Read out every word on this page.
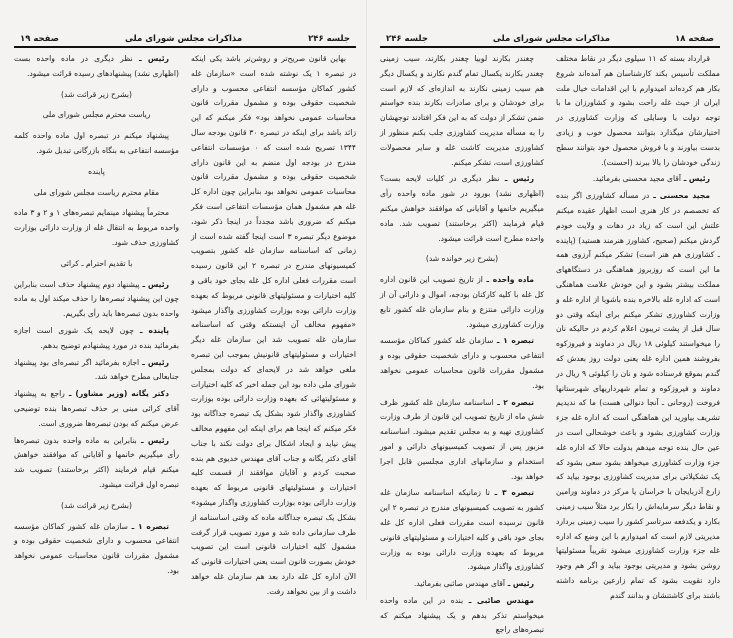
جلسه ۲۴۶
مذاکرات مجلس شورای ملی
صفحه ۱۹

بهاین قانون صریح‌تر و روشن‌تر باشد یکی اینکه در تبصره ۱ یک نوشته شده است «سازمان غله کشور کماکان مؤسسه انتفاعی محسوب و دارای شخصیت حقوقی بوده و مشمول مقررات قانون محاسبات عمومی نخواهد بود» فکر میکنم که این زائد باشد برای اینکه در تبصره ۳۰ قانون بودجه سال ۱۳۴۴ تصریح شده است که ۰ مؤسسات انتفاعی مندرج در بودجه اول منضم به این قانون دارای شخصیت حقوقی بوده و مشمول مقررات قانون محاسبات عمومی نخواهد بود بنابراین چون اداره کل غله هم مشمول همان مؤسسات انتفاعی است فکر میکنم که ضروری باشد مجدداً در اینجا ذکر شود، موضوع دیگر تبصره ۳ است اینجا گفته شده است از زمانی که اساسنامه سازمان غله کشور بتصویب کمیسیونهای مندرج در تبصره ۲ این قانون رسیده است مقررات فعلی اداره کل غله بجای خود باقی و کلیه اختیارات و مسئولیتهای قانونی مربوط که بعهده وزارت دارائی بوده بوزارت کشاورزی واگذار میشود «مفهوم مخالف آن اینستکه وقتی که اساسنامه سازمان غله تصویب شد این سازمان غله دیگر اختیارات و مسئولیتهای قانونیش بموجب این تبصره ملغی خواهد شد در لایحه‌ای که دولت بمجلس شورای ملی داده بود این جمله اخیر که کلیه اختیارات و مسئولیتهائی که بعهده وزارت دارائی بوده بوزارت کشاورزی واگذار شود بشکل یک تبصره جداگانه بود فکر میکنم که اینجا هم برای اینکه این مفهوم مخالف پیش نیاید و ایجاد اشکال برای دولت نکند با جناب آقای دکتر یگانه و جناب آقای مهندس خدیوی هم بنده صحبت کردم و آقایان موافقند از قسمت کلیه اختیارات و مسئولیتهای قانونی مربوط که بعهده وزارت دارائی بوده بوزارت کشاورزی واگذار میشود» بشکل یک تبصره جداگانه ماده که وقتی اساسنامه از طرف سازمانی داده شد و مورد تصویب قرار گرفت مشمول کلیه اختیارات قانونی است این تصویب خودش بصورت قانون است یعنی اختیارات قانونی که الآن اداره کل غله دارد بعد هم سازمان غله خواهد داشت و از بین نخواهد رفت.

رئیس ـ نظر دیگری در ماده واحده بست (اظهاری نشد) پیشنهادهای رسیده قرائت میشود.

(بشرح زیر قرائت شد)

ریاست محترم مجلس شورای ملی

پیشنهاد میکنم در تبصره اول ماده واحده کلمه مؤسسه انتفاعی به بنگاه بازرگانی تبدیل شود.

پاینده

مقام محترم ریاست مجلس شورای ملی

محترماً پیشنهاد مینمایم تبصره‌های ۱ و ۲ و ۳ ماده واحده مربوط به انتقال غله از وزارت دارائی بوزارت کشاورزی حذف شود.

با تقدیم احترام ـ کرائی

رئیس ـ پیشنهاد دوم پیشنهاد حذف است بنابراین چون این پیشنهاد تبصره‌ها را حذف میکند اول به ماده واحده بدون تبصره‌ها باید رأی بگیریم.

پاینده ـ چون لایحه یک شوری است اجازه بفرمائید بنده در مورد پیشنهادم توضیح بدهم.

رئیس ـ اجازه بفرمائید اگر تبصره‌ای بود پیشنهاد جنابعالی مطرح خواهد شد.

دکتر یگانه (وزیر مشاور) ـ راجع به پیشنهاد آقای کرائی مبنی بر حذف تبصره‌ها بنده توضیحی عرض میکنم که بودن تبصره‌ها ضروری است.

رئیس ـ بنابراین به ماده واحده بدون تبصره‌ها رأی میگیریم خانمها و آقایانی که موافقند خواهش میکنم قیام فرمایند (اکثر برخاستند) تصویب شد تبصره اول قرائت میشود.

(بشرح زیر قرائت شد)

تبصره ۱ ـ سازمان غله کشور کماکان مؤسسه انتفاعی محسوب و دارای شخصیت حقوقی بوده و مشمول مقررات قانون محاسبات عمومی نخواهد بود.

صفحه ۱۸
مذاکرات مجلس شورای ملی
جلسه ۲۴۶

قرارداد بسته که ۱۱ سیلوی دیگر در نقاط مختلف مملکت تأسیس بکند کارشناسان هم آمده‌اند شروع بکار هم کرده‌اند امیدوارم با این اقدامات خیال ملت ایران از حیث غله راحت بشود و کشاورزان ما با توجه دولت با وسایلی که وزارت کشاورزی در اختیارشان میگذارد بتوانند محصول خوب و زیادی بدست بیاورند و با فروش محصول خود بتوانند سطح زندگی خودشان را بالا ببرند (احسنت).

رئیس ـ آقای مجید محسنی بفرمائید.

مجید محسنی ـ در مسأله کشاورزی اگر بنده که تخصصم در کار هنری است اظهار عقیده میکنم علتش این است که زیاد در دهات و ولایت خودم گردش میکنم (صحیح، کشاورز هنرمند هستید) (پاینده ـ کشاورزی هم هنر است) تشکر میکنم آرزوی همه ما این است که روزبروز هماهنگی در دستگاههای مملکت بیشتر بشود و این خودش علامت هماهنگی است که اداره غله بالاخره بنده باشوبا از اداره غله و وزارت کشاورزی تشکر میکنم برای اینکه وقتی دو سال قبل از پشت تریبون اعلام کردم در حالیکه نان را میخواستند کیلوئی ۱۸ ریال در دماوند و فیروزکوه بفروشند همین اداره غله یعنی دولت روز بعدش که گندم بموقع فرستاده شود و نان را کیلوئی ۹ ریال در دماوند و فیروزکوه و تمام شهرداریهای شهرستانها فروخت (روحانی ـ آنجا دنوالی هست) ما که ندیدیم تشریف بیاورید این هماهنگی است که اداره غله جزء وزارت کشاورزی بشود و باعث خوشحالی است در عین حال بنده توجه میدهم بدولت حالا که اداره غله جزء وزارت کشاورزی میخواهد بشود سعی بشود که یک تشکیلاتی برای مدیریت کشاورزی بوجود بیاید که زارع آذربایجان با خراسان یا مرکز در دماوند ورامین و نقاط دیگر سرمایه‌اش را بکار برد مثلاً سیب زمینی بکارد و یکدفعه سرتاسر کشور را سیب زمینی بردارد مدیریتی لازم است که امیدوارم با این وضع که اداره غله جزء وزارت کشاورزی میشود تقریباً مسئولیتها روشن بشود و مدیریتی بوجود بیاید و اگر هم وجود دارد تقویت بشود که تمام زارعین برنامه داشته باشند برای کاشتنشان و بدانند گندم

چغندر بکارند لوبیا چغندر بکارند، سیب زمینی چغندر بکارند یکسال تمام گندم نکارند و یکسال دیگر هم سیب زمینی نکارند به اندازه‌ای که لازم است برای خودشان و برای صادرات بکارند بنده خواستم ضمن تشکر از دولت که به این فکر افتادند توجهشان را به مسأله مدیریت کشاورزی جلب بکنم منظور از کشاورزی مدیریت کاشت غله و سایر محصولات کشاورزی است، تشکر میکنم.

رئیس ـ نظر دیگری در کلیات لایحه بست؟ (اظهاری نشد) بورود در شور ماده واحده رأی میگیریم خانمها و آقایانی که موافقند خواهش میکنم قیام فرمایند (اکثر برخاستند) تصویب شد. ماده واحده مطرح است قرائت میشود.

(بشرح زیر خوانده شد)

ماده واحده ـ از تاریخ تصویب این قانون اداره کل غله با کلیه کارکنان بودجه، اموال و دارائی آن از وزارت دارائی منتزع و بنام سازمان غله کشور تابع وزارت کشاورزی میشود.

تبصره ۱ ـ سازمان غله کشور کماکان مؤسسه انتفاعی محسوب و دارای شخصیت حقوقی بوده و مشمول مقررات قانون محاسبات عمومی نخواهد بود.

تبصره ۲ ـ اساسنامه سازمان غله کشور ظرف شش ماه از تاریخ تصویب این قانون از طرف وزارت کشاورزی تهیه و به مجلس تقدیم میشود. اساسنامه مزبور پس از تصویب کمیسیونهای دارائی و امور استخدام و سازمانهای اداری مجلسین قابل اجرا خواهد بود.

تبصره ۳ ـ تا زمانیکه اساسنامه سازمان غله کشور به تصویب کمیسیونهای مندرج در تبصره ۲ این قانون نرسیده است مقررات فعلی اداره کل غله بجای خود باقی و کلیه اختیارات و مسئولیتهای قانونی مربوط که بعهده وزارت دارائی بوده به وزارت کشاورزی واگذار میشود.

رئیس ـ آقای مهندس صائبی بفرمائید.

مهندس صائبی ـ بنده در این ماده واحده میخواستم تذکر بدهم و یک پیشنهاد میکنم که تبصره‌های راجع
